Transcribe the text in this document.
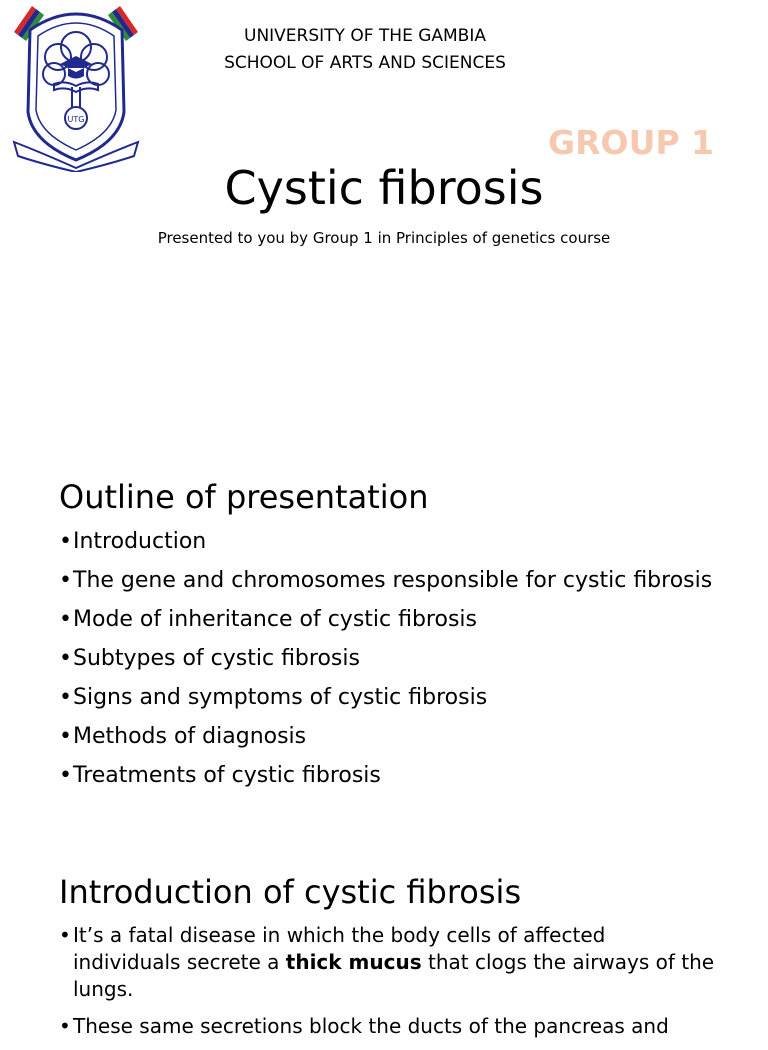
UTG
UNIVERSITY OF THE GAMBIA
SCHOOL OF ARTS AND SCIENCES
GROUP 1
Cystic fibrosis
Presented to you by Group 1 in Principles of genetics course
Outline of presentation
• Introduction
• The gene and chromosomes responsible for cystic fibrosis
• Mode of inheritance of cystic fibrosis
• Subtypes of cystic fibrosis
• Signs and symptoms of cystic fibrosis
• Methods of diagnosis
• Treatments of cystic fibrosis
Introduction of cystic fibrosis
• It’s a fatal disease in which the body cells of affected individuals secrete a thick mucus that clogs the airways of the lungs.
• These same secretions block the ducts of the pancreas and
